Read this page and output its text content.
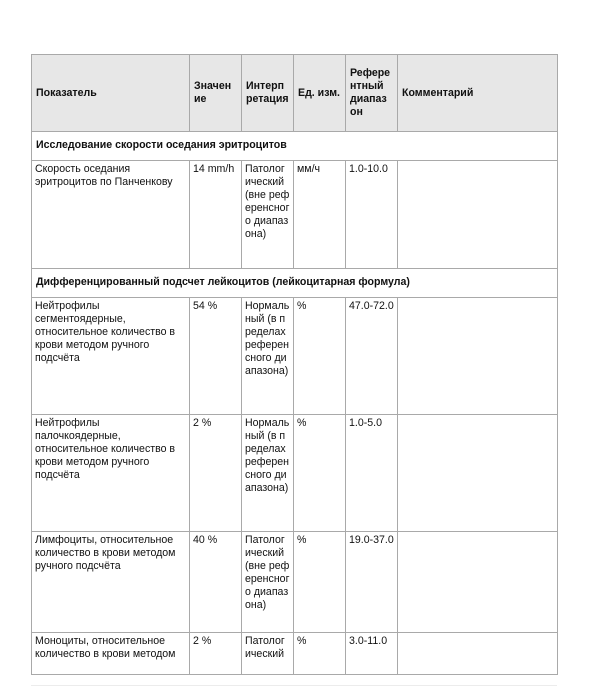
Показатель	Значение	Интерпретация	Ед. изм.	Референтный диапазон	Комментарий
Исследование скорости оседания эритроцитов					
Скорость оседания эритроцитов по Панченкову	14 mm/h	Патологический (вне референсного диапазона)	мм/ч	1.0-10.0	
Дифференцированный подсчет лейкоцитов (лейкоцитарная формула)					
Нейтрофилы сегментоядерные, относительное количество в крови методом ручного подсчёта	54 %	Нормальный (в пределах референсного диапазона)	%	47.0-72.0	
Нейтрофилы палочкоядерные, относительное количество в крови методом ручного подсчёта	2 %	Нормальный (в пределах референсного диапазона)	%	1.0-5.0	
Лимфоциты, относительное количество в крови методом ручного подсчёта	40 %	Патологический (вне референсного диапазона)	%	19.0-37.0	
Моноциты, относительное количество в крови методом	2 %	Патологический	%	3.0-11.0	
